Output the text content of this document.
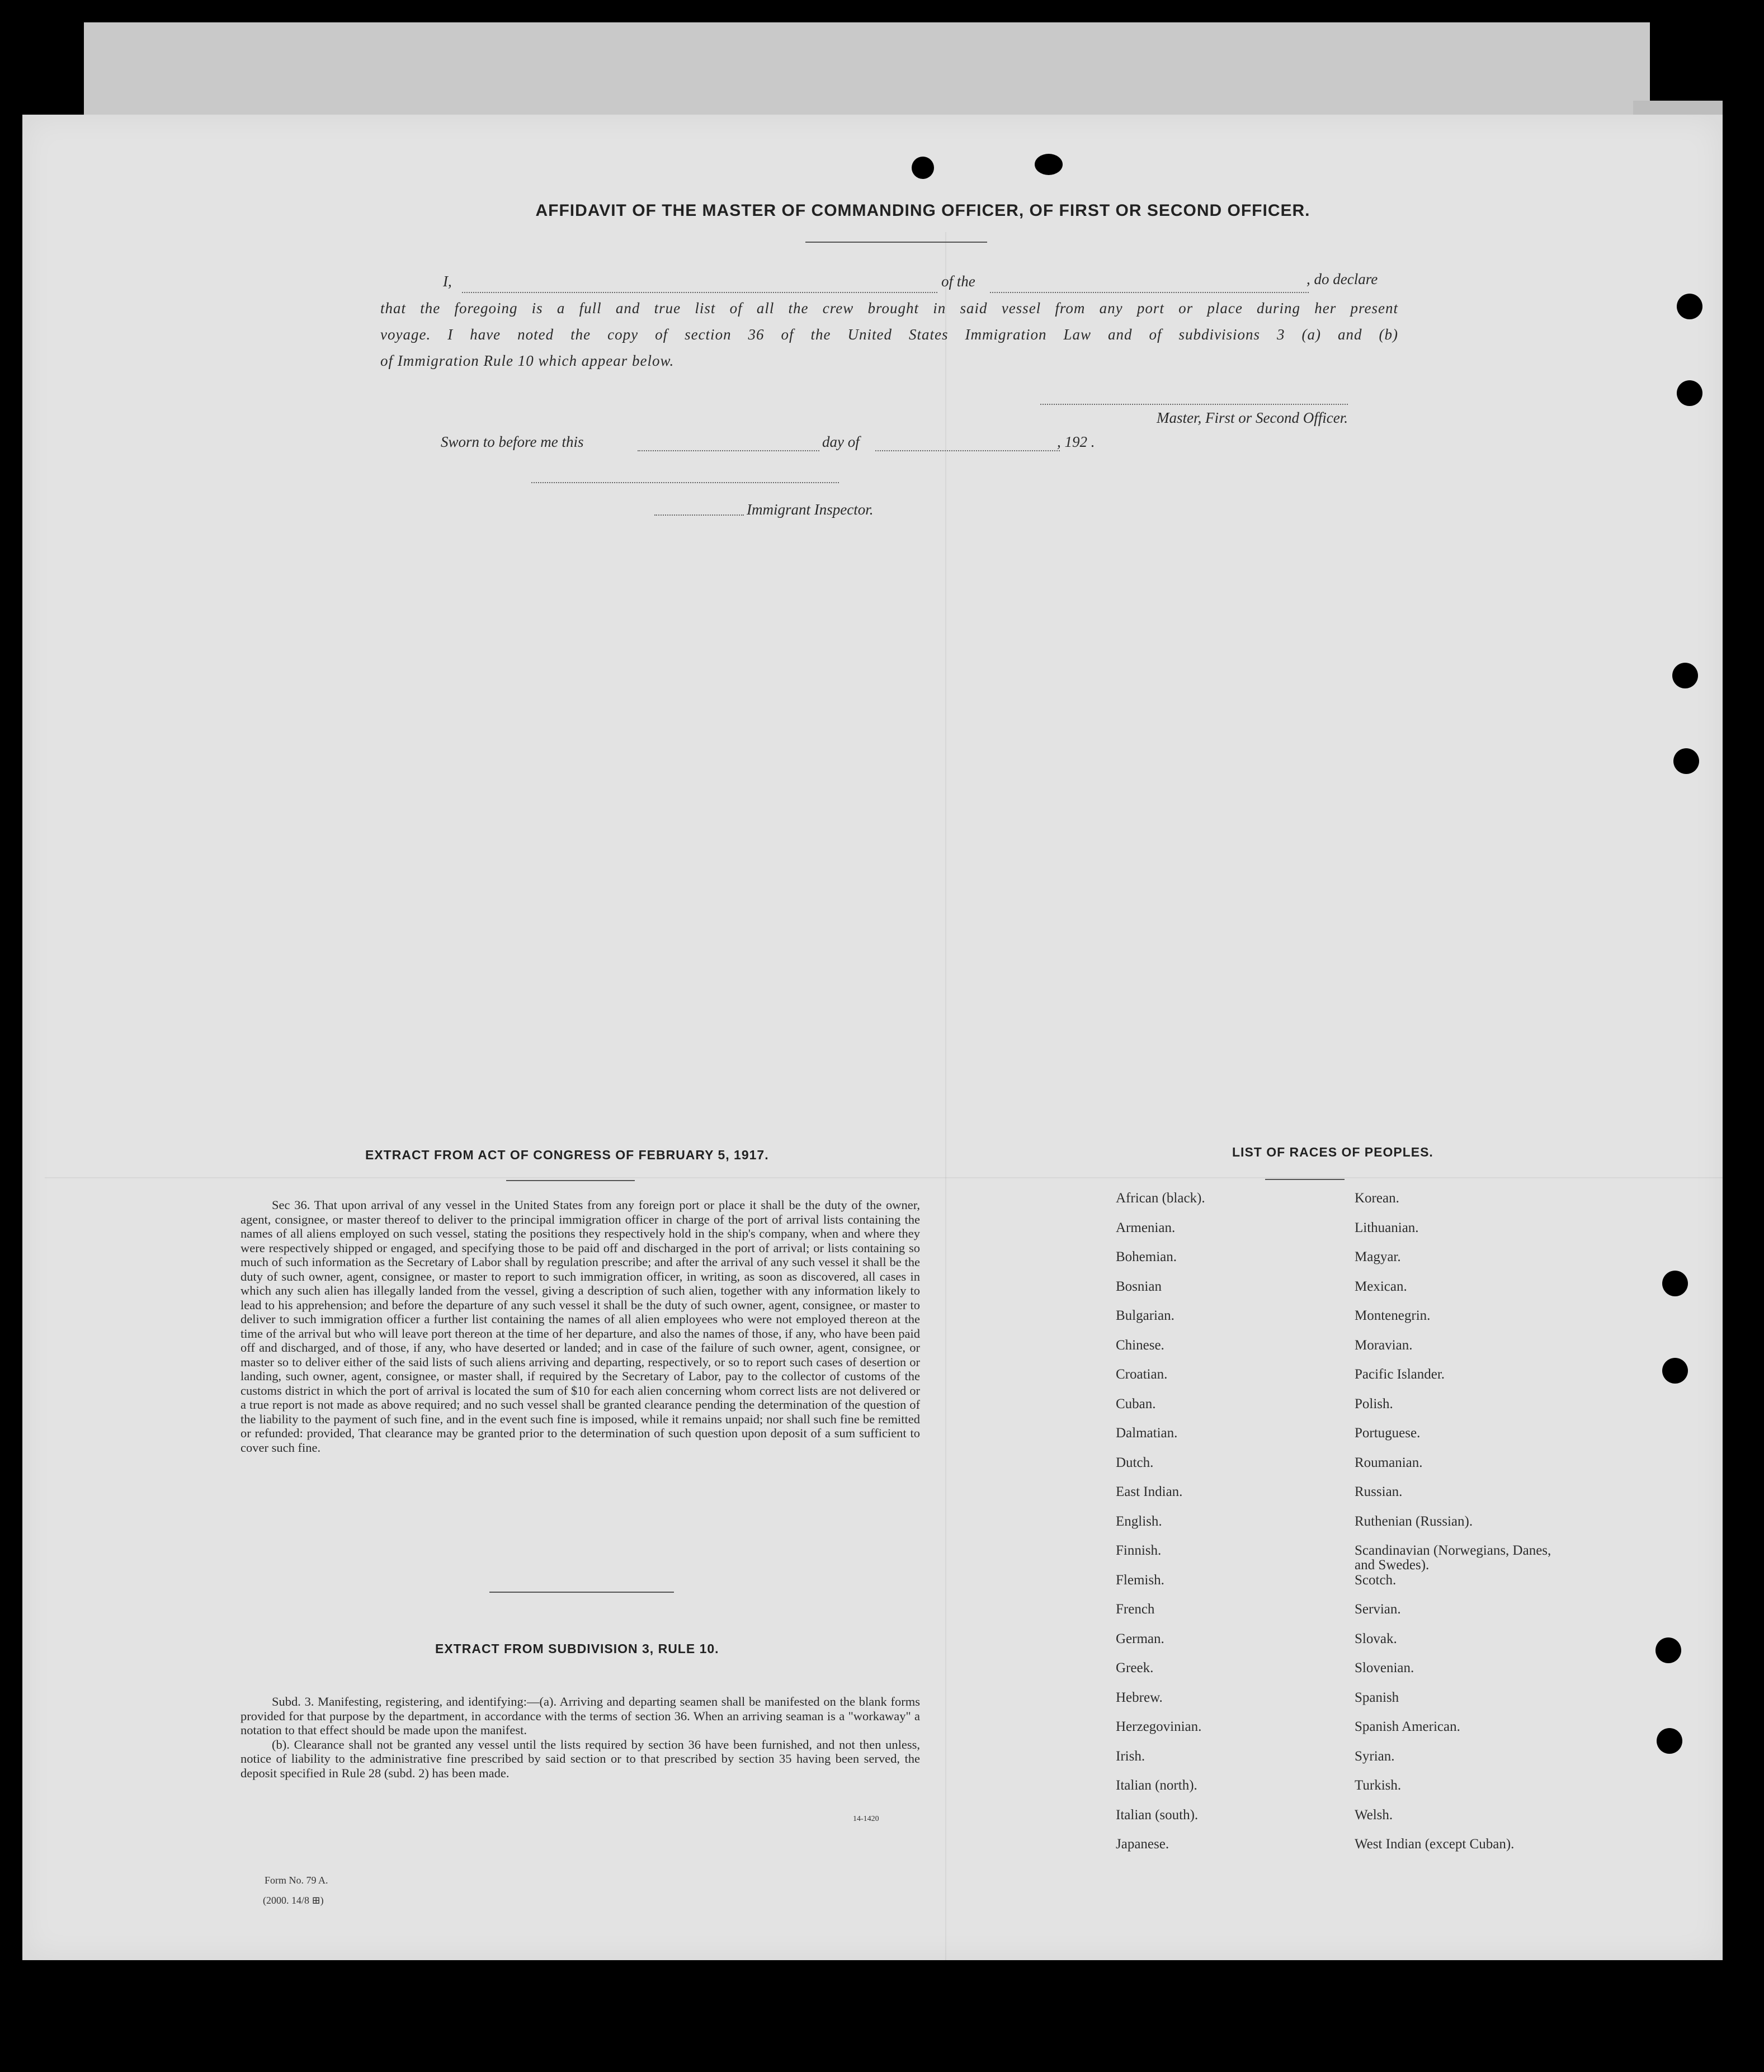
AFFIDAVIT OF THE MASTER OF COMMANDING OFFICER, OF FIRST OR SECOND OFFICER.
I,	of the	, do declare
that the foregoing is a full and true list of all the crew brought in said vessel from any port or place during her present
voyage. I have noted the copy of section 36 of the United States Immigration Law and of subdivisions 3 (a) and (b)
of Immigration Rule 10 which appear below.
Master, First or Second Officer.
Sworn to before me this	day of	, 192 .
Immigrant Inspector.
EXTRACT FROM ACT OF CONGRESS OF FEBRUARY 5, 1917.

Sec 36. That upon arrival of any vessel in the United States from any foreign port or place it shall be the duty of the owner, agent, consignee, or master thereof to deliver to the principal immigration officer in charge of the port of arrival lists containing the names of all aliens employed on such vessel, stating the positions they respectively hold in the ship's company, when and where they were respectively shipped or engaged, and specifying those to be paid off and discharged in the port of arrival; or lists containing so much of such information as the Secretary of Labor shall by regulation prescribe; and after the arrival of any such vessel it shall be the duty of such owner, agent, consignee, or master to report to such immigration officer, in writing, as soon as discovered, all cases in which any such alien has illegally landed from the vessel, giving a description of such alien, together with any information likely to lead to his apprehension; and before the departure of any such vessel it shall be the duty of such owner, agent, consignee, or master to deliver to such immigration officer a further list containing the names of all alien employees who were not employed thereon at the time of the arrival but who will leave port thereon at the time of her departure, and also the names of those, if any, who have been paid off and discharged, and of those, if any, who have deserted or landed; and in case of the failure of such owner, agent, consignee, or master so to deliver either of the said lists of such aliens arriving and departing, respectively, or so to report such cases of desertion or landing, such owner, agent, consignee, or master shall, if required by the Secretary of Labor, pay to the collector of customs of the customs district in which the port of arrival is located the sum of $10 for each alien concerning whom correct lists are not delivered or a true report is not made as above required; and no such vessel shall be granted clearance pending the determination of the question of the liability to the payment of such fine, and in the event such fine is imposed, while it remains unpaid; nor shall such fine be remitted or refunded: provided, That clearance may be granted prior to the determination of such question upon deposit of a sum sufficient to cover such fine.

EXTRACT FROM SUBDIVISION 3, RULE 10.

Subd. 3. Manifesting, registering, and identifying:—(a). Arriving and departing seamen shall be manifested on the blank forms provided for that purpose by the department, in accordance with the terms of section 36. When an arriving seaman is a "workaway" a notation to that effect should be made upon the manifest.

(b). Clearance shall not be granted any vessel until the lists required by section 36 have been furnished, and not then unless, notice of liability to the administrative fine prescribed by said section or to that prescribed by section 35 having been served, the deposit specified in Rule 28 (subd. 2) has been made.

14-1420
LIST OF RACES OF PEOPLES.
African (black).
Armenian.
Bohemian.
Bosnian
Bulgarian.
Chinese.
Croatian.
Cuban.
Dalmatian.
Dutch.
East Indian.
English.
Finnish.
Flemish.
French
German.
Greek.
Hebrew.
Herzegovinian.
Irish.
Italian (north).
Italian (south).
Japanese.
Korean.
Lithuanian.
Magyar.
Mexican.
Montenegrin.
Moravian.
Pacific Islander.
Polish.
Portuguese.
Roumanian.
Russian.
Ruthenian (Russian).
Scandinavian (Norwegians, Danes, and Swedes).
Scotch.
Servian.
Slovak.
Slovenian.
Spanish
Spanish American.
Syrian.
Turkish.
Welsh.
West Indian (except Cuban).
Form No. 79 A.
(2000. 14/8 ⊞)
